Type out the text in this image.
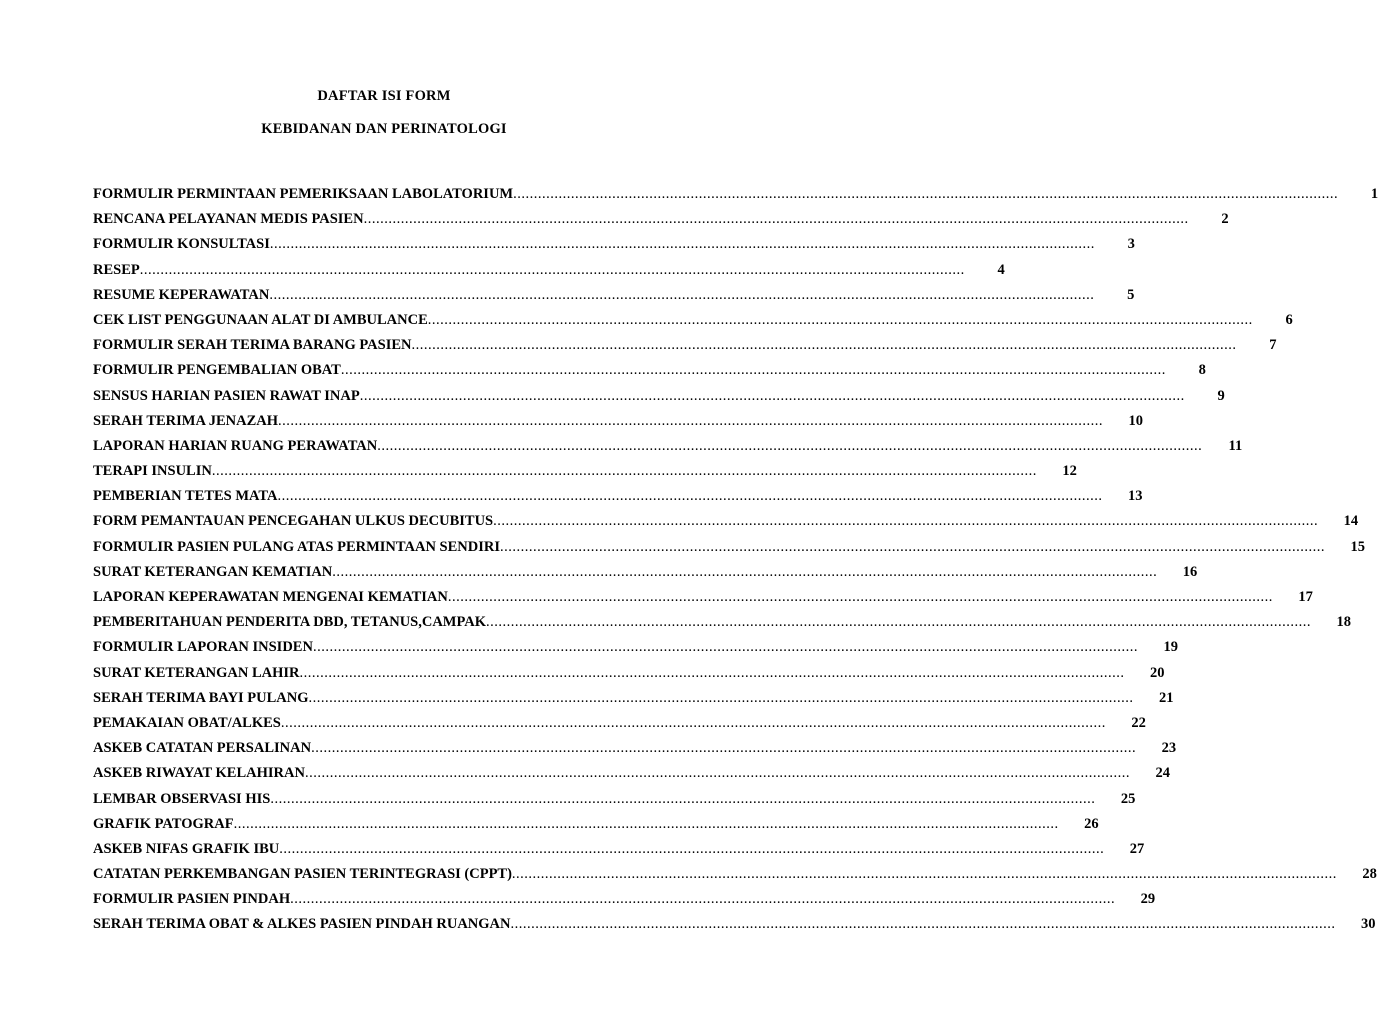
DAFTAR ISI FORM
KEBIDANAN DAN PERINATOLOGI
FORMULIR PERMINTAAN PEMERIKSAAN LABOLATORIUM ........................................................................................................................................................................................................	1
RENCANA PELAYANAN MEDIS PASIEN ........................................................................................................................................................................................................	2
FORMULIR KONSULTASI ........................................................................................................................................................................................................	3
RESEP ........................................................................................................................................................................................................	4
RESUME KEPERAWATAN ........................................................................................................................................................................................................	5
CEK LIST PENGGUNAAN ALAT DI AMBULANCE ........................................................................................................................................................................................................	6
FORMULIR SERAH TERIMA BARANG PASIEN ........................................................................................................................................................................................................	7
FORMULIR PENGEMBALIAN OBAT ........................................................................................................................................................................................................	8
SENSUS HARIAN PASIEN RAWAT INAP ........................................................................................................................................................................................................	9
SERAH TERIMA JENAZAH ........................................................................................................................................................................................................	10
LAPORAN HARIAN RUANG PERAWATAN ........................................................................................................................................................................................................	11
TERAPI INSULIN ........................................................................................................................................................................................................	12
PEMBERIAN TETES MATA ........................................................................................................................................................................................................	13
FORM PEMANTAUAN PENCEGAHAN ULKUS DECUBITUS ........................................................................................................................................................................................................	14
FORMULIR PASIEN PULANG ATAS PERMINTAAN SENDIRI ........................................................................................................................................................................................................	15
SURAT KETERANGAN KEMATIAN ........................................................................................................................................................................................................	16
LAPORAN KEPERAWATAN MENGENAI KEMATIAN ........................................................................................................................................................................................................	17
PEMBERITAHUAN PENDERITA DBD, TETANUS,CAMPAK ........................................................................................................................................................................................................	18
FORMULIR LAPORAN INSIDEN ........................................................................................................................................................................................................	19
SURAT KETERANGAN LAHIR ........................................................................................................................................................................................................	20
SERAH TERIMA BAYI PULANG ........................................................................................................................................................................................................	21
PEMAKAIAN OBAT/ALKES ........................................................................................................................................................................................................	22
ASKEB CATATAN PERSALINAN ........................................................................................................................................................................................................	23
ASKEB RIWAYAT KELAHIRAN ........................................................................................................................................................................................................	24
LEMBAR OBSERVASI HIS ........................................................................................................................................................................................................	25
GRAFIK PATOGRAF ........................................................................................................................................................................................................	26
ASKEB NIFAS GRAFIK IBU ........................................................................................................................................................................................................	27
CATATAN PERKEMBANGAN PASIEN TERINTEGRASI (CPPT) ........................................................................................................................................................................................................	28
FORMULIR PASIEN PINDAH ........................................................................................................................................................................................................	29
SERAH TERIMA OBAT & ALKES PASIEN PINDAH RUANGAN ........................................................................................................................................................................................................	30
